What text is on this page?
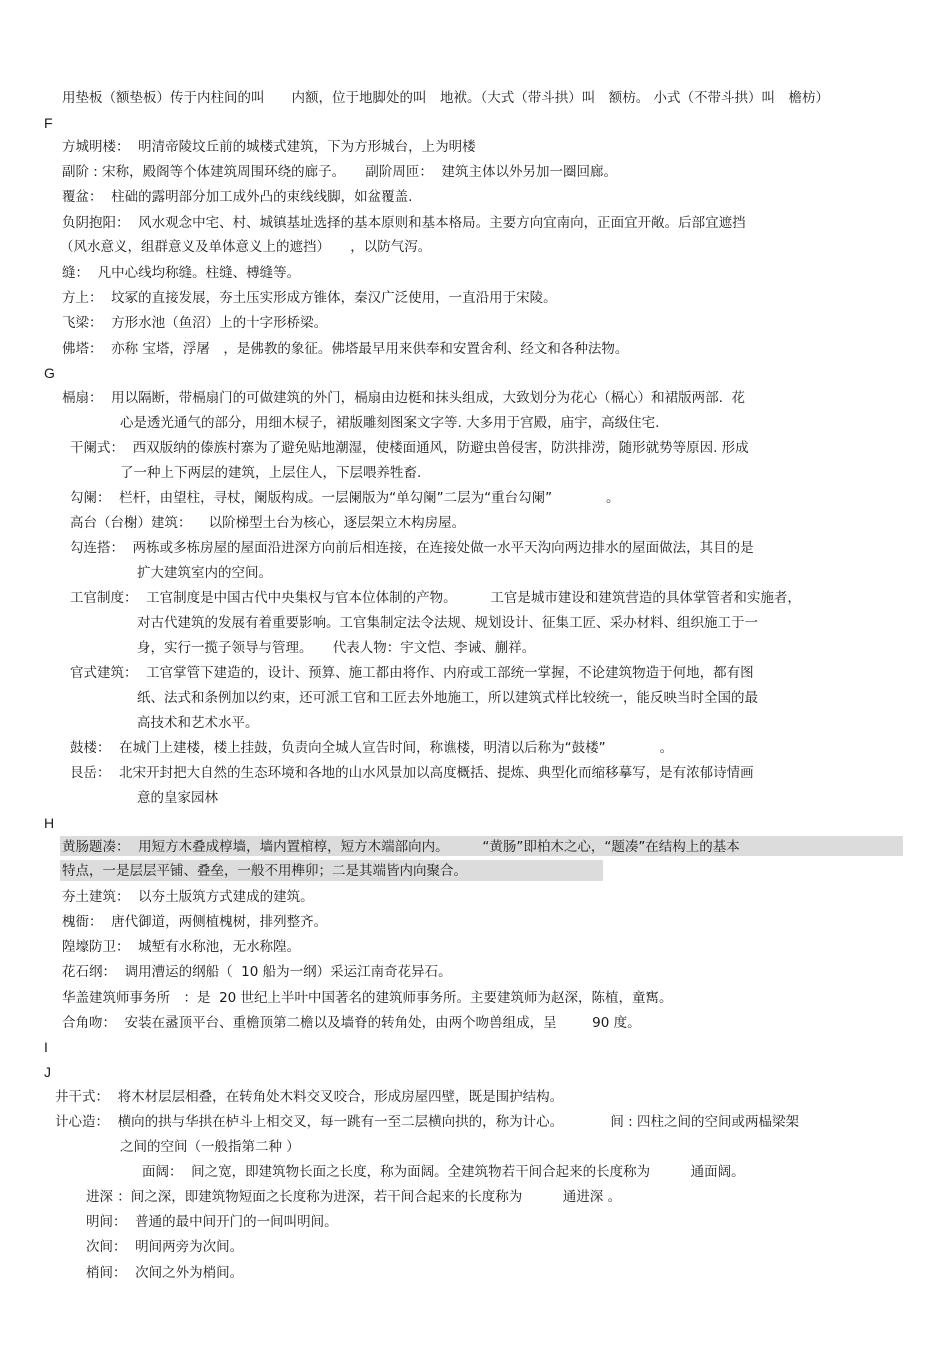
用垫板（额垫板）传于内柱间的叫　　内额，位于地脚处的叫　地袱。（大式（带斗拱）叫　额枋。 小式（不带斗拱）叫　檐枋）
F
方城明楼：  明清帝陵坟丘前的城楼式建筑，下为方形城台，上为明楼
副阶 : 宋称，殿阁等个体建筑周围环绕的廊子。　　副阶周匝：  建筑主体以外另加一圈回廊。
覆盆：  柱础的露明部分加工成外凸的束线线脚，如盆覆盖.
负阴抱阳：  风水观念中宅、村、城镇基址选择的基本原则和基本格局。主要方向宜南向，正面宜开敞。后部宜遮挡
（风水意义，组群意义及单体意义上的遮挡）　　，以防气泻。
缝：  凡中心线均称缝。柱缝、榑缝等。
方上：  坟冢的直接发展，夯土压实形成方锥体，秦汉广泛使用，一直沿用于宋陵。
飞梁：  方形水池（鱼沼）上的十字形桥梁。
佛塔：  亦称 宝塔，浮屠　，是佛教的象征。佛塔最早用来供奉和安置舍利、经文和各种法物。
G
槅扇：  用以隔断，带槅扇门的可做建筑的外门，槅扇由边梃和抹头组成，大致划分为花心（槅心）和裙版两部.  花
心是透光通气的部分，用细木棂子，裙版雕刻图案文字等. 大多用于宫殿，庙宇，高级住宅.
干阑式：  西双版纳的傣族村寨为了避免贴地潮湿，使楼面通风，防避虫兽侵害，防洪排涝，随形就势等原因. 形成
了一种上下两层的建筑，上层住人，下层喂养牲畜.
勾阑：  栏杆，由望柱，寻杖，阑版构成。一层阑版为“单勾阑”二层为“重台勾阑”　　　　。
高台（台榭）建筑：    以阶梯型土台为核心，逐层架立木构房屋。
勾连搭：  两栋或多栋房屋的屋面沿进深方向前后相连接，在连接处做一水平天沟向两边排水的屋面做法，其目的是
扩大建筑室内的空间。
工官制度：  工官制度是中国古代中央集权与官本位体制的产物。　　　工官是城市建设和建筑营造的具体掌管者和实施者，
对古代建筑的发展有着重要影响。工官集制定法令法规、规划设计、征集工匠、采办材料、组织施工于一
身，实行一揽子领导与管理。　　代表人物：宇文恺、李诫、蒯祥。
官式建筑：  工官掌管下建造的，设计、预算、施工都由将作、内府或工部统一掌握，不论建筑物造于何地，都有图
纸、法式和条例加以约束，还可派工官和工匠去外地施工，所以建筑式样比较统一，能反映当时全国的最
高技术和艺术水平。
鼓楼：  在城门上建楼，楼上挂鼓，负责向全城人宣告时间，称谯楼，明清以后称为“鼓楼”　　　　。
艮岳：  北宋开封把大自然的生态环境和各地的山水风景加以高度概括、提炼、典型化而缩移摹写，是有浓郁诗情画
意的皇家园林
H
黄肠题凑：  用短方木叠成椁墙，墙内置棺椁，短方木端部向内。　　　“黄肠”即柏木之心，“题凑”在结构上的基本
特点，一是层层平铺、叠垒，一般不用榫卯；二是其端皆内向聚合。
夯土建筑：  以夯土版筑方式建成的建筑。
槐衙：  唐代御道，两侧植槐树，排列整齐。
隍壕防卫：  城堑有水称池，无水称隍。
花石纲：  调用漕运的纲船（  10 船为一纲）采运江南奇花异石。
华盖建筑师事务所　：是  20 世纪上半叶中国著名的建筑师事务所。主要建筑师为赵深，陈植，童寯。
合角吻：  安装在盝顶平台、重檐顶第二檐以及墙脊的转角处，由两个吻兽组成，呈　　  90 度。
I
J
井干式：  将木材层层相叠，在转角处木料交叉咬合，形成房屋四壁，既是围护结构。
计心造：  横向的拱与华拱在栌斗上相交叉，每一跳有一至二层横向拱的，称为计心。　　　　间 : 四柱之间的空间或两榀梁架
之间的空间（一般指第二种 ）
面阔：  间之宽，即建筑物长面之长度，称为面阔。全建筑物若干间合起来的长度称为　　　通面阔。
进深 ：间之深，即建筑物短面之长度称为进深，若干间合起来的长度称为　　　通进深 。
明间：  普通的最中间开门的一间叫明间。
次间：  明间两旁为次间。
梢间：  次间之外为梢间。
